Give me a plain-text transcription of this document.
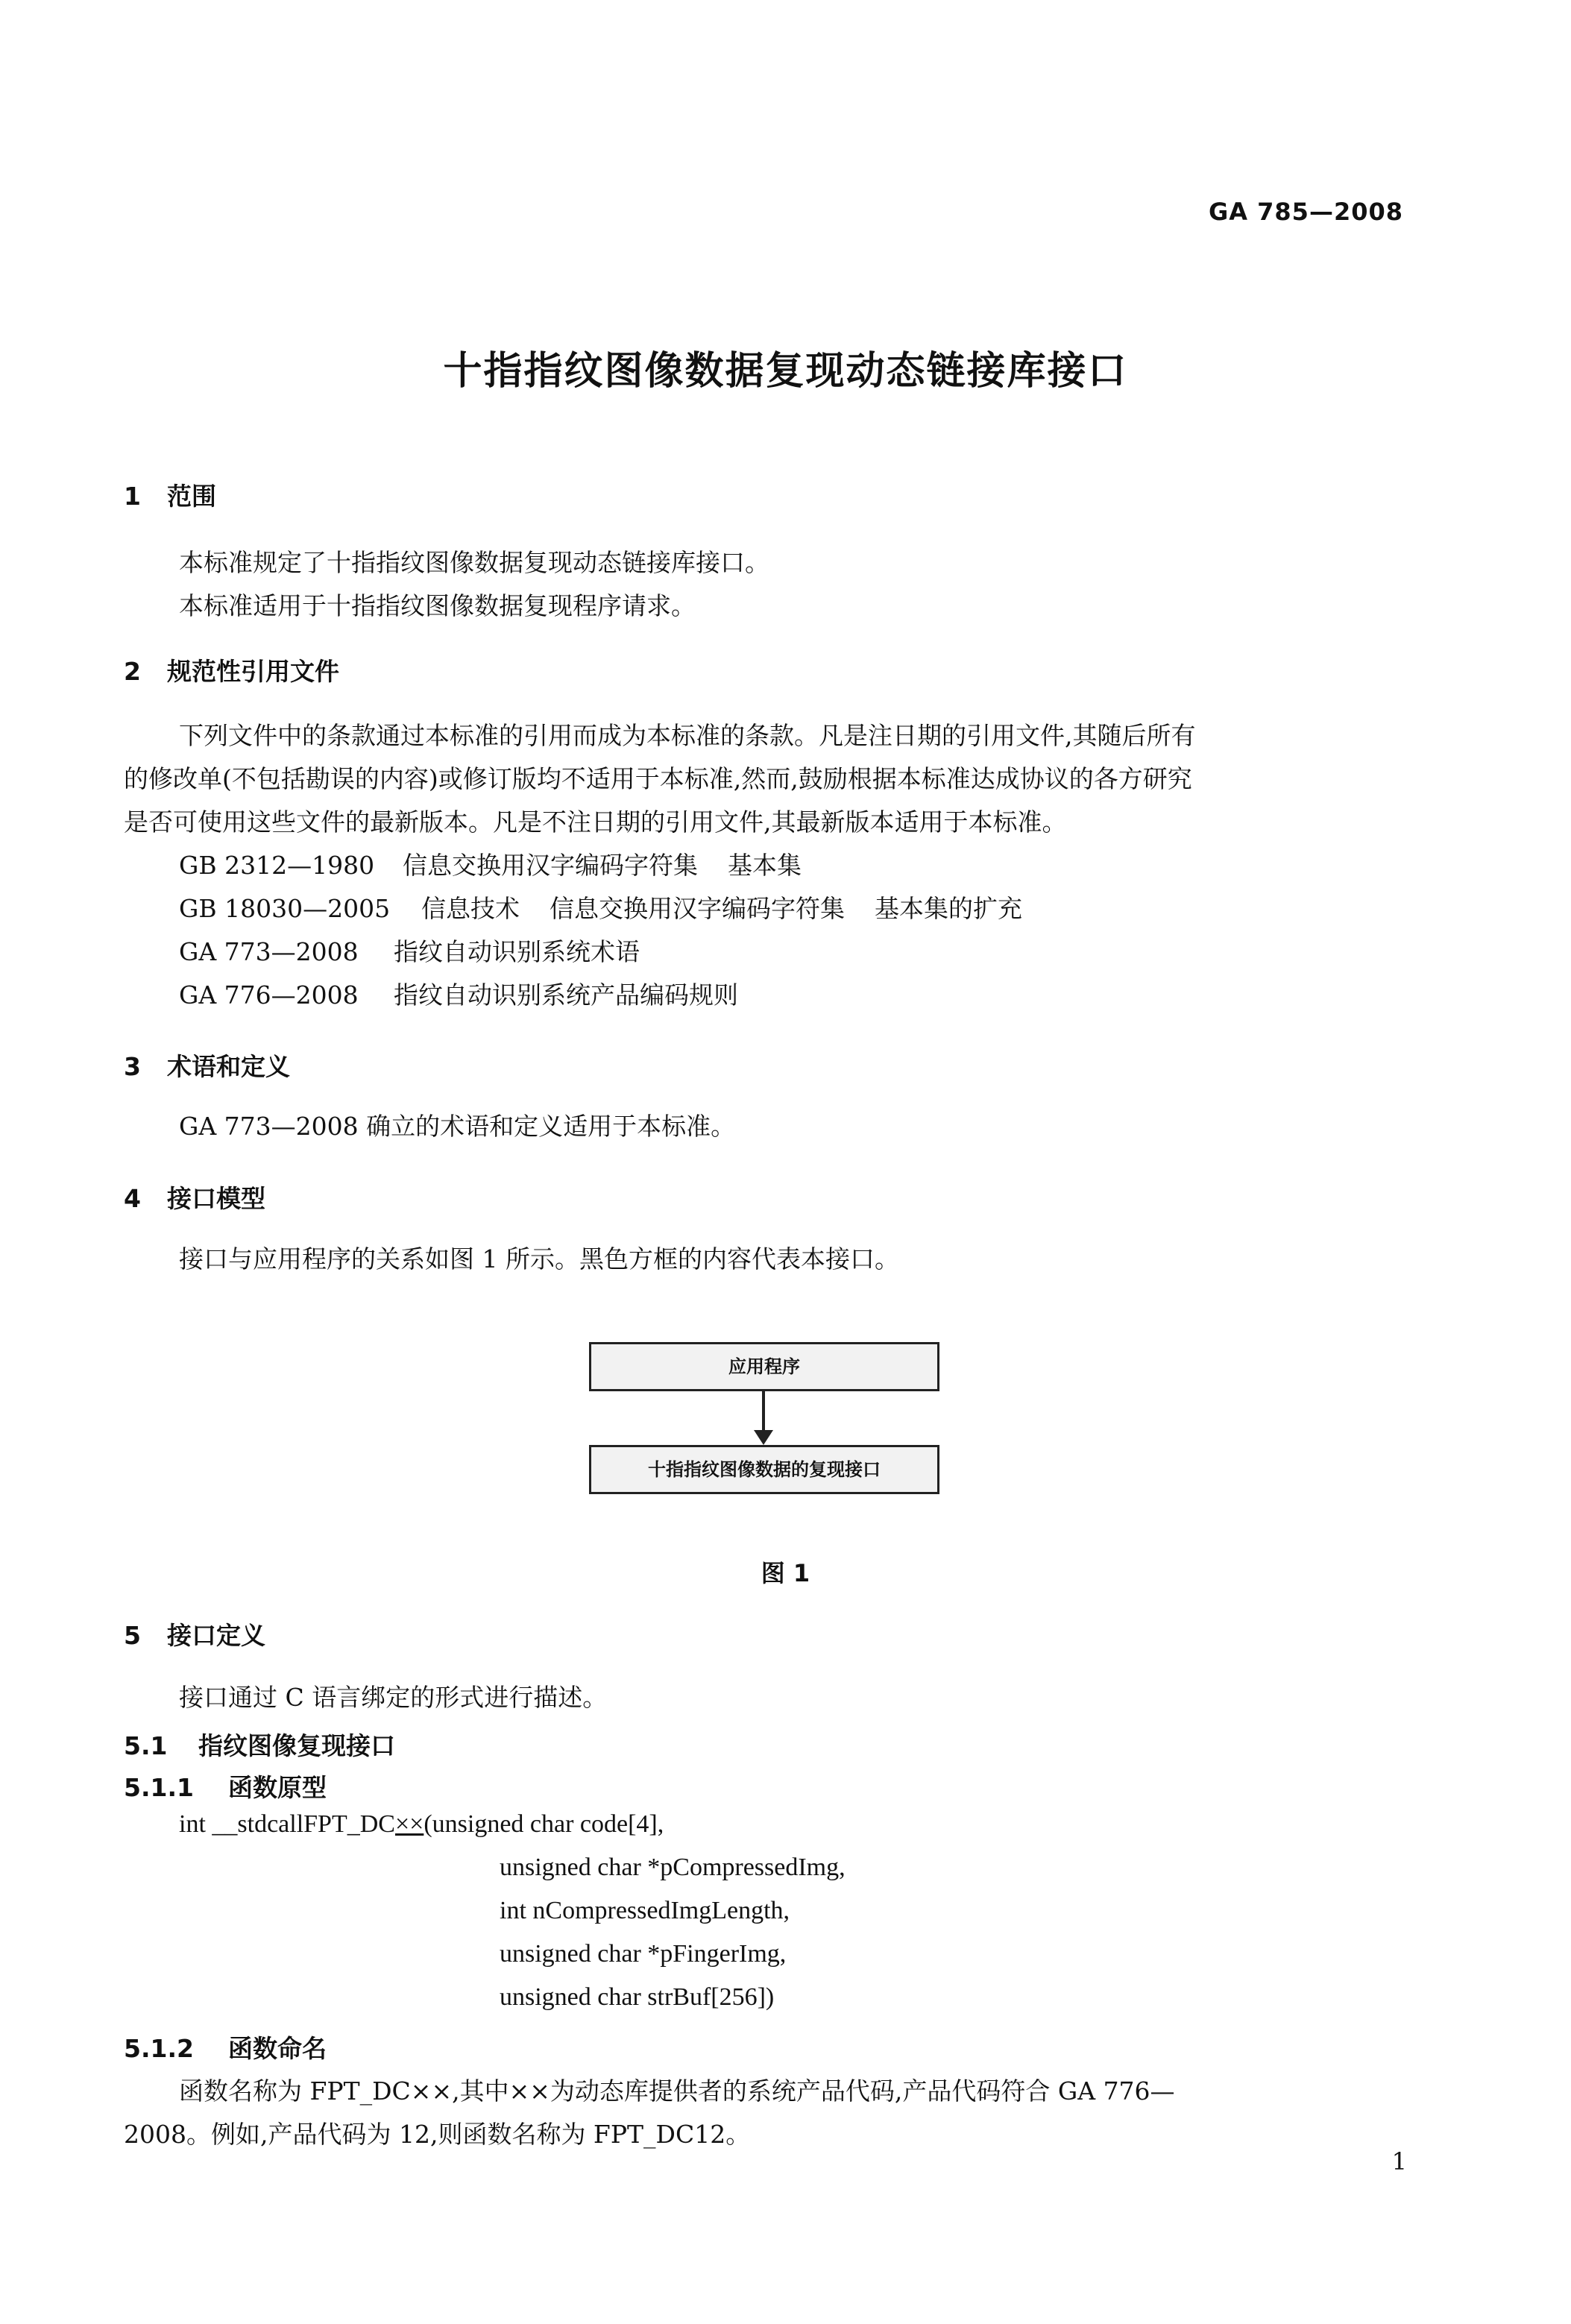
GA 785—2008
十指指纹图像数据复现动态链接库接口
1 范围
本标准规定了十指指纹图像数据复现动态链接库接口。
本标准适用于十指指纹图像数据复现程序请求。
2 规范性引用文件
下列文件中的条款通过本标准的引用而成为本标准的条款。凡是注日期的引用文件,其随后所有
的修改单(不包括勘误的内容)或修订版均不适用于本标准,然而,鼓励根据本标准达成协议的各方研究
是否可使用这些文件的最新版本。凡是不注日期的引用文件,其最新版本适用于本标准。
GB 2312—1980 信息交换用汉字编码字符集 基本集
GB 18030—2005 信息技术 信息交换用汉字编码字符集 基本集的扩充
GA 773—2008 指纹自动识别系统术语
GA 776—2008 指纹自动识别系统产品编码规则
3 术语和定义
GA 773—2008 确立的术语和定义适用于本标准。
4 接口模型
接口与应用程序的关系如图 1 所示。黑色方框的内容代表本接口。
应用程序
十指指纹图像数据的复现接口
图 1
5 接口定义
接口通过 C 语言绑定的形式进行描述。
5.1 指纹图像复现接口
5.1.1 函数原型
int __stdcallFPT_DC××(unsigned char code[4],
unsigned char *pCompressedImg,
int nCompressedImgLength,
unsigned char *pFingerImg,
unsigned char strBuf[256])
5.1.2 函数命名
函数名称为 FPT_DC××,其中××为动态库提供者的系统产品代码,产品代码符合 GA 776—
2008。例如,产品代码为 12,则函数名称为 FPT_DC12。
1
